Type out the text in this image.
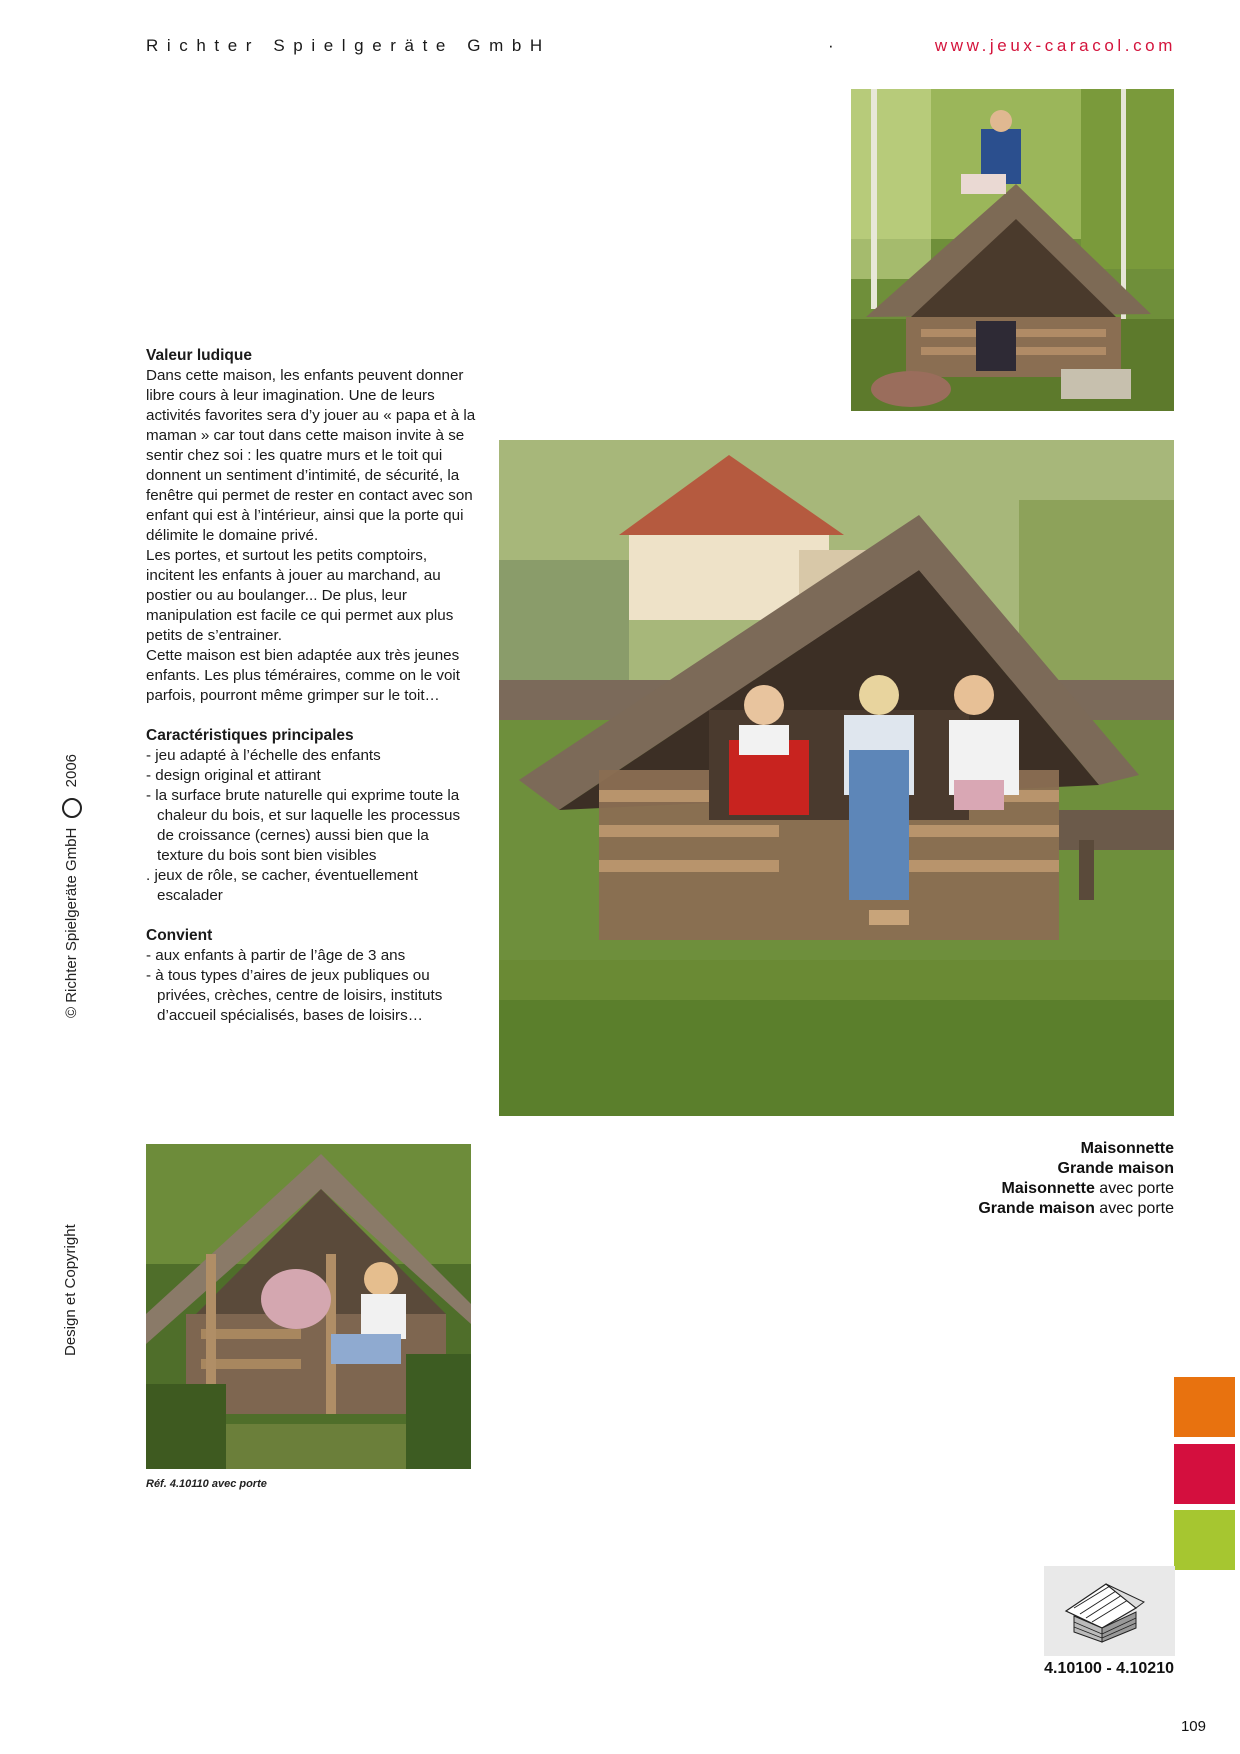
Richter Spielgeräte GmbH	·	www.jeux-caracol.com
Valeur ludique

Dans cette maison, les enfants peuvent donner libre cours à leur imagination. Une de leurs activités favorites sera d’y jouer au « papa et à la maman » car tout dans cette maison invite à se sentir chez soi : les quatre murs et le toit qui donnent un sentiment d’intimité, de sécurité, la fenêtre qui permet de rester en contact avec son enfant qui est à l’intérieur, ainsi que la porte qui délimite le domaine privé.

Les portes, et surtout les petits comptoirs, incitent les enfants à jouer au marchand, au postier ou au boulanger... De plus, leur manipulation est facile ce qui permet aux plus petits de s’entrainer.

Cette maison est bien adaptée aux très jeunes enfants. Les plus téméraires, comme on le voit parfois, pourront même grimper sur le toit…

Caractéristiques principales
- jeu adapté à l’échelle des enfants
- design original et attirant
- la surface brute naturelle qui exprime toute la chaleur du bois, et sur laquelle les processus de croissance (cernes) aussi bien que la texture du bois sont bien visibles
. jeux de rôle, se cacher, éventuellement escalader
Convient
- aux enfants à partir de l’âge de 3 ans
- à tous types d’aires de jeux publiques ou privées, crèches, centre de loisirs, instituts d’accueil spécialisés, bases de loisirs…
Réf. 4.10110 avec porte
Maisonnette
Grande maison
Maisonnette avec porte
Grande maison avec porte
© Richter Spielgeräte GmbH  2006
Design et Copyright
4.10100 - 4.10210
109
